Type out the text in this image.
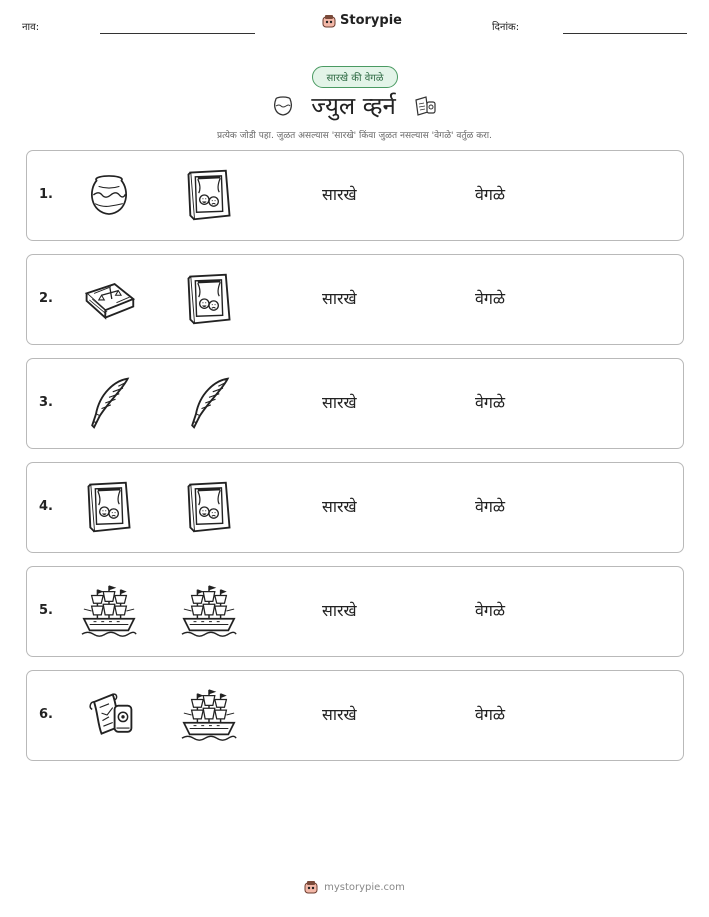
नाव:	Storypie	दिनांक:
सारखे की वेगळे
ज्युल व्हर्न
प्रत्येक जोडी पहा. जुळत असल्यास 'सारखे' किंवा जुळत नसल्यास 'वेगळे' वर्तुळ करा.
1.	सारखे	वेगळे
2.	सारखे	वेगळे
3.	सारखे	वेगळे
4.	सारखे	वेगळे
5.	सारखे	वेगळे
6.	सारखे	वेगळे
mystorypie.com
